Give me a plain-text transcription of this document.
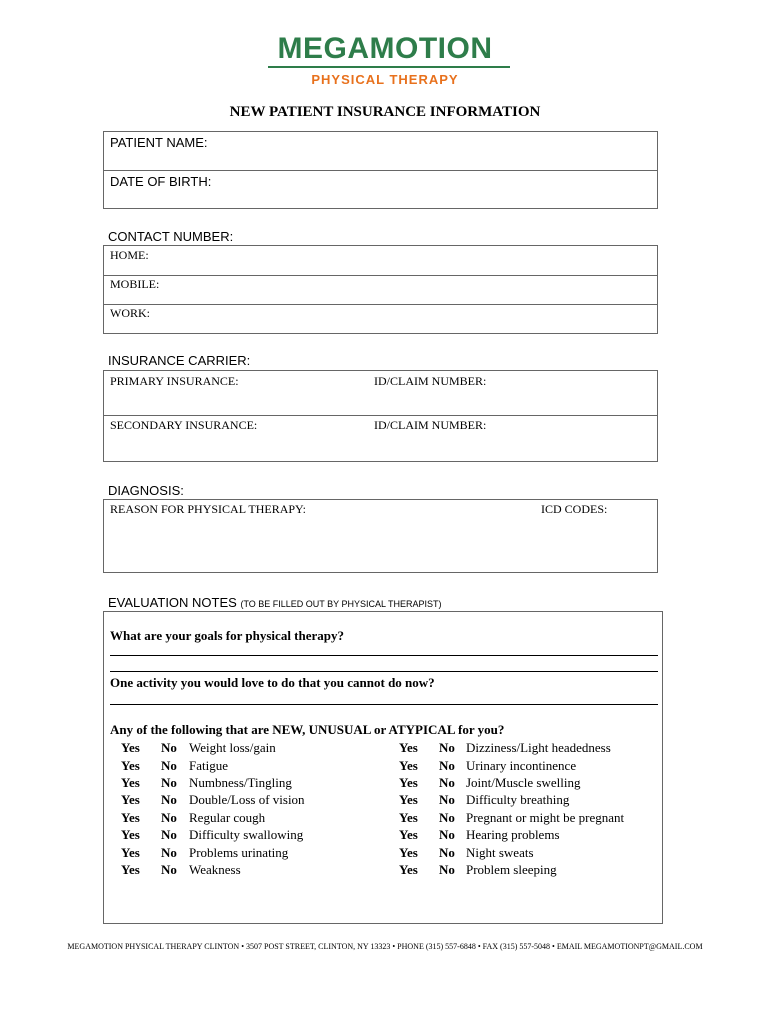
MEGAMOTION
PHYSICAL THERAPY
NEW PATIENT INSURANCE INFORMATION
PATIENT NAME:
DATE OF BIRTH:
CONTACT NUMBER:
HOME:
MOBILE:
WORK:
INSURANCE CARRIER:
PRIMARY INSURANCE:	ID/CLAIM NUMBER:
SECONDARY INSURANCE:	ID/CLAIM NUMBER:
DIAGNOSIS:
REASON FOR PHYSICAL THERAPY:	ICD CODES:
EVALUATION NOTES (TO BE FILLED OUT BY PHYSICAL THERAPIST)
What are your goals for physical therapy?
One activity you would love to do that you cannot do now?
Any of the following that are NEW, UNUSUAL or ATYPICAL for you?
Yes No Weight loss/gain
Yes No Fatigue
Yes No Numbness/Tingling
Yes No Double/Loss of vision
Yes No Regular cough
Yes No Difficulty swallowing
Yes No Problems urinating
Yes No Weakness
Yes No Dizziness/Light headedness
Yes No Urinary incontinence
Yes No Joint/Muscle swelling
Yes No Difficulty breathing
Yes No Pregnant or might be pregnant
Yes No Hearing problems
Yes No Night sweats
Yes No Problem sleeping
MEGAMOTION PHYSICAL THERAPY CLINTON • 3507 POST STREET, CLINTON, NY 13323 • PHONE (315) 557-6848 • FAX (315) 557-5048 • EMAIL MEGAMOTIONPT@GMAIL.COM
